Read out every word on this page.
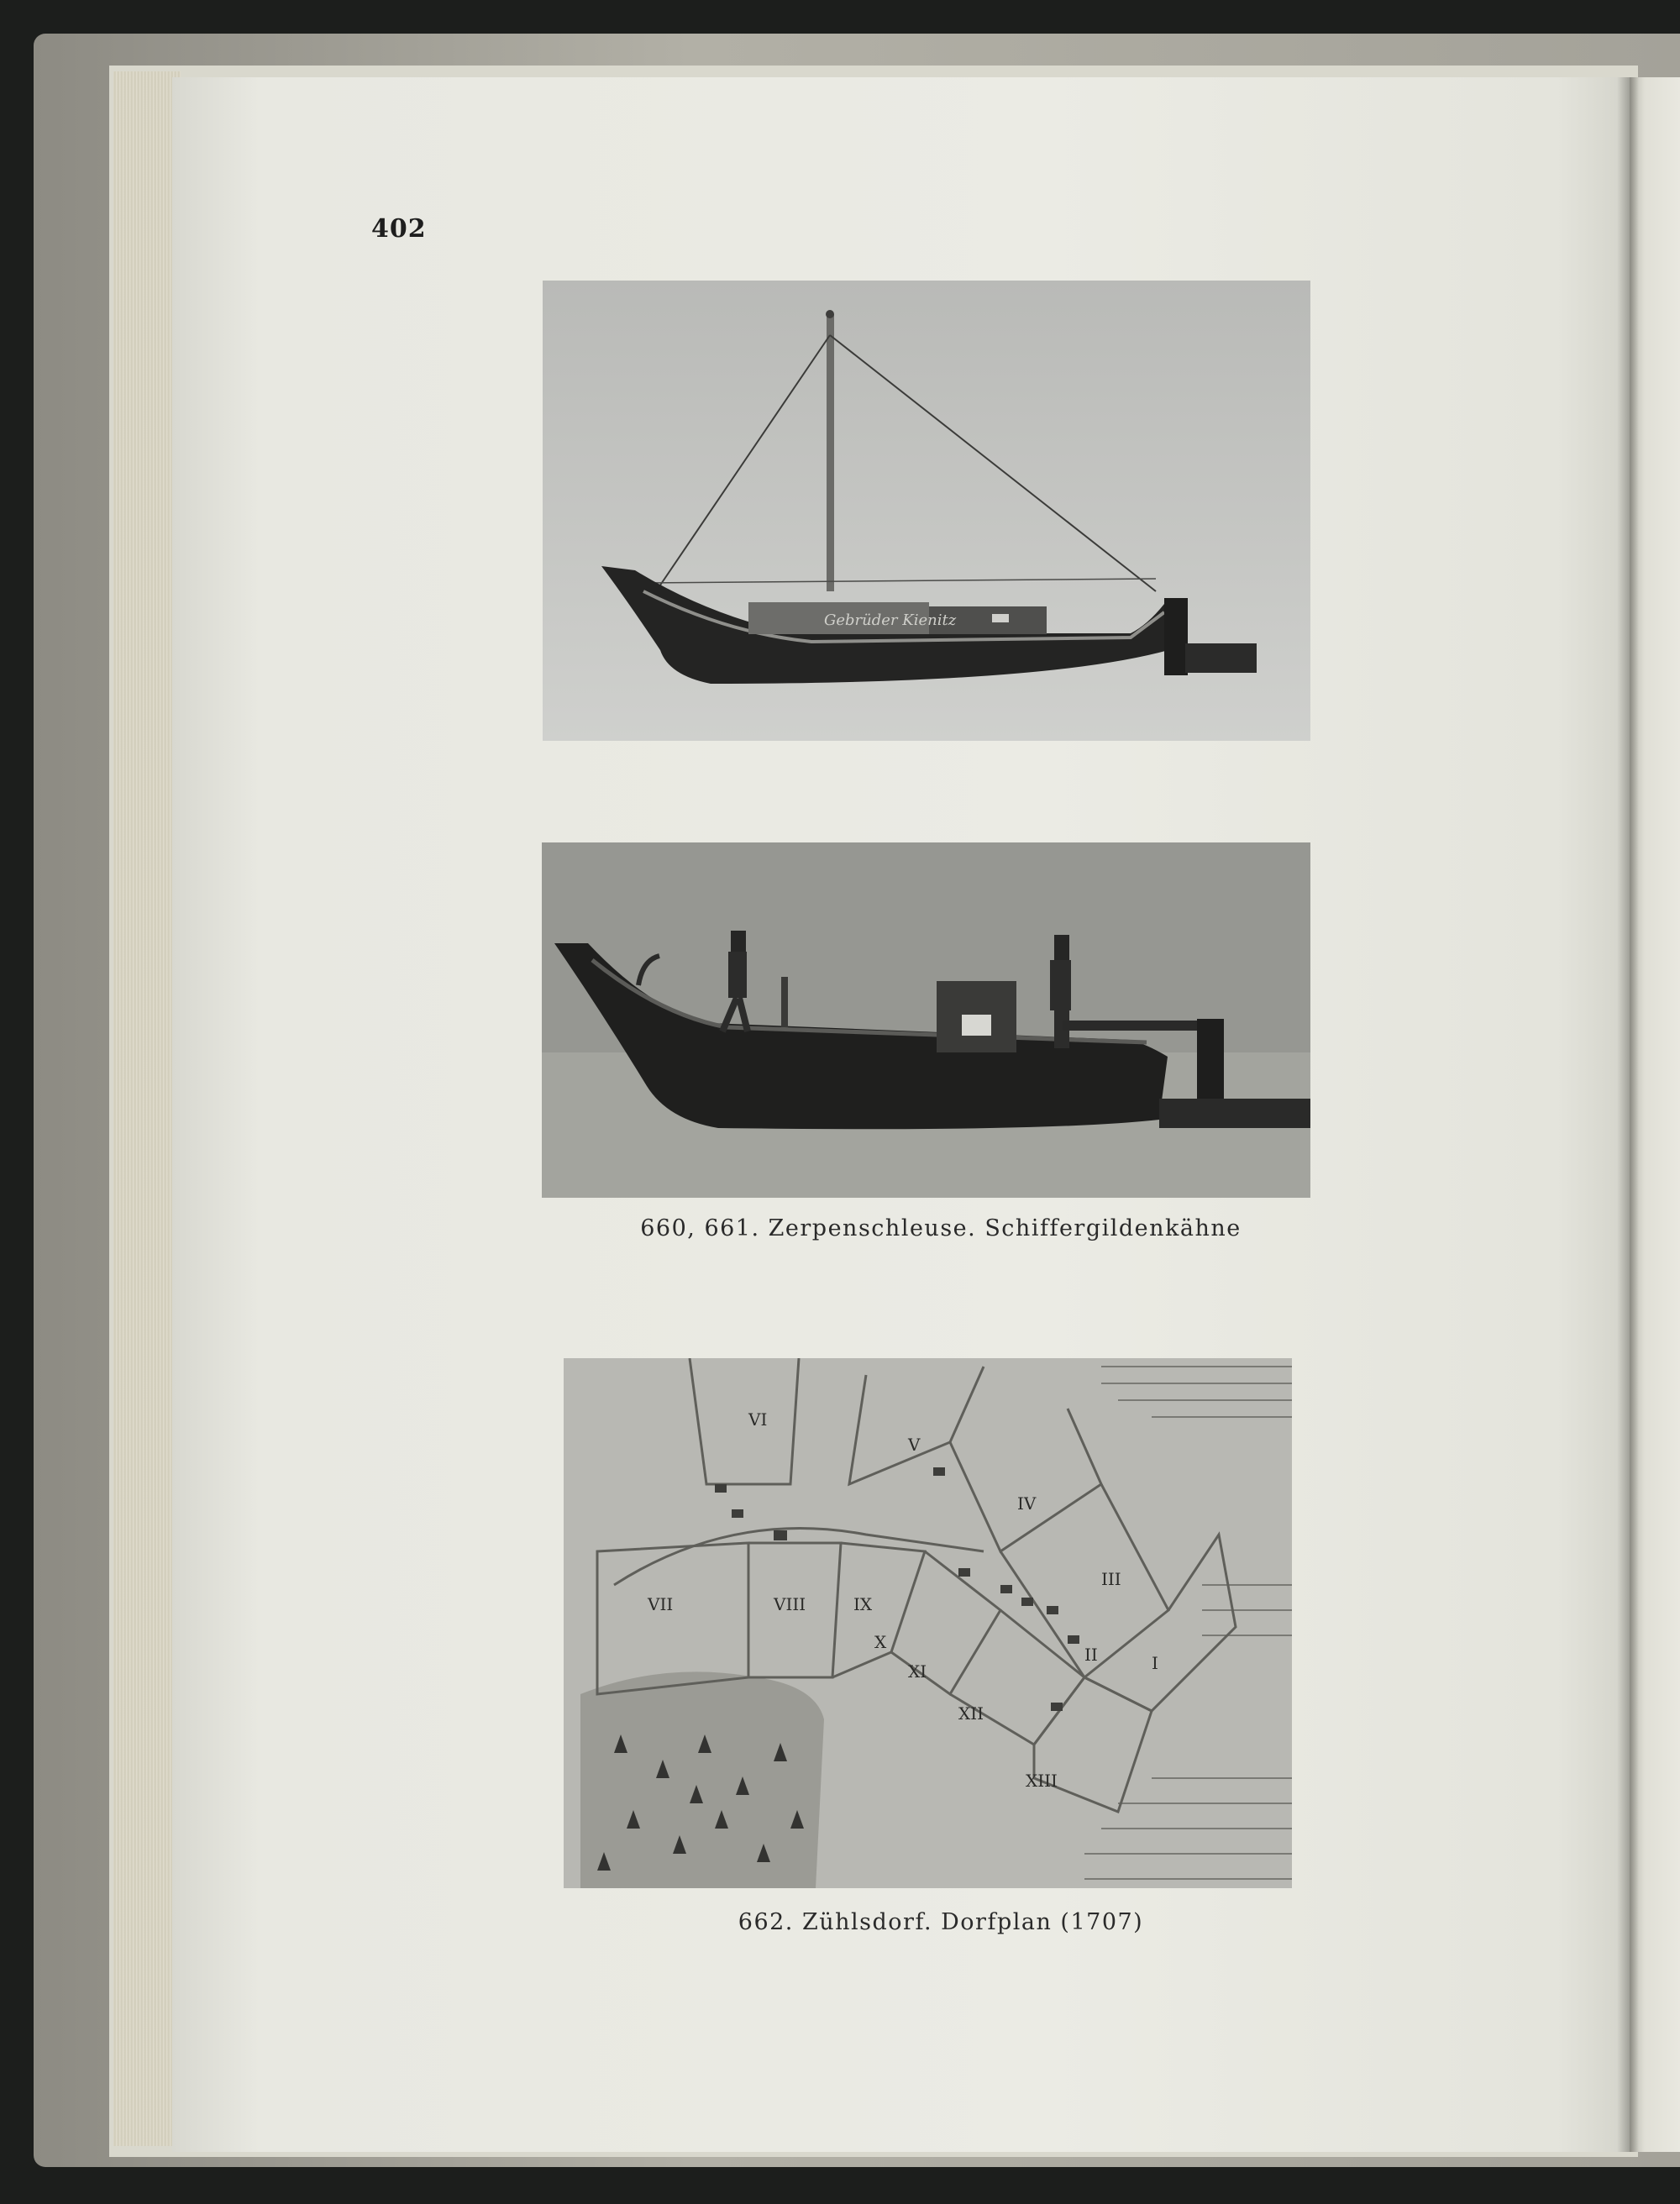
402
Gebrüder Kienitz
660, 661. Zerpenschleuse. Schiffergildenkähne
VI
V
IV
III
I
II
VII	VIII	IX
X
XI
XII
XIII
662. Zühlsdorf. Dorfplan (1707)
